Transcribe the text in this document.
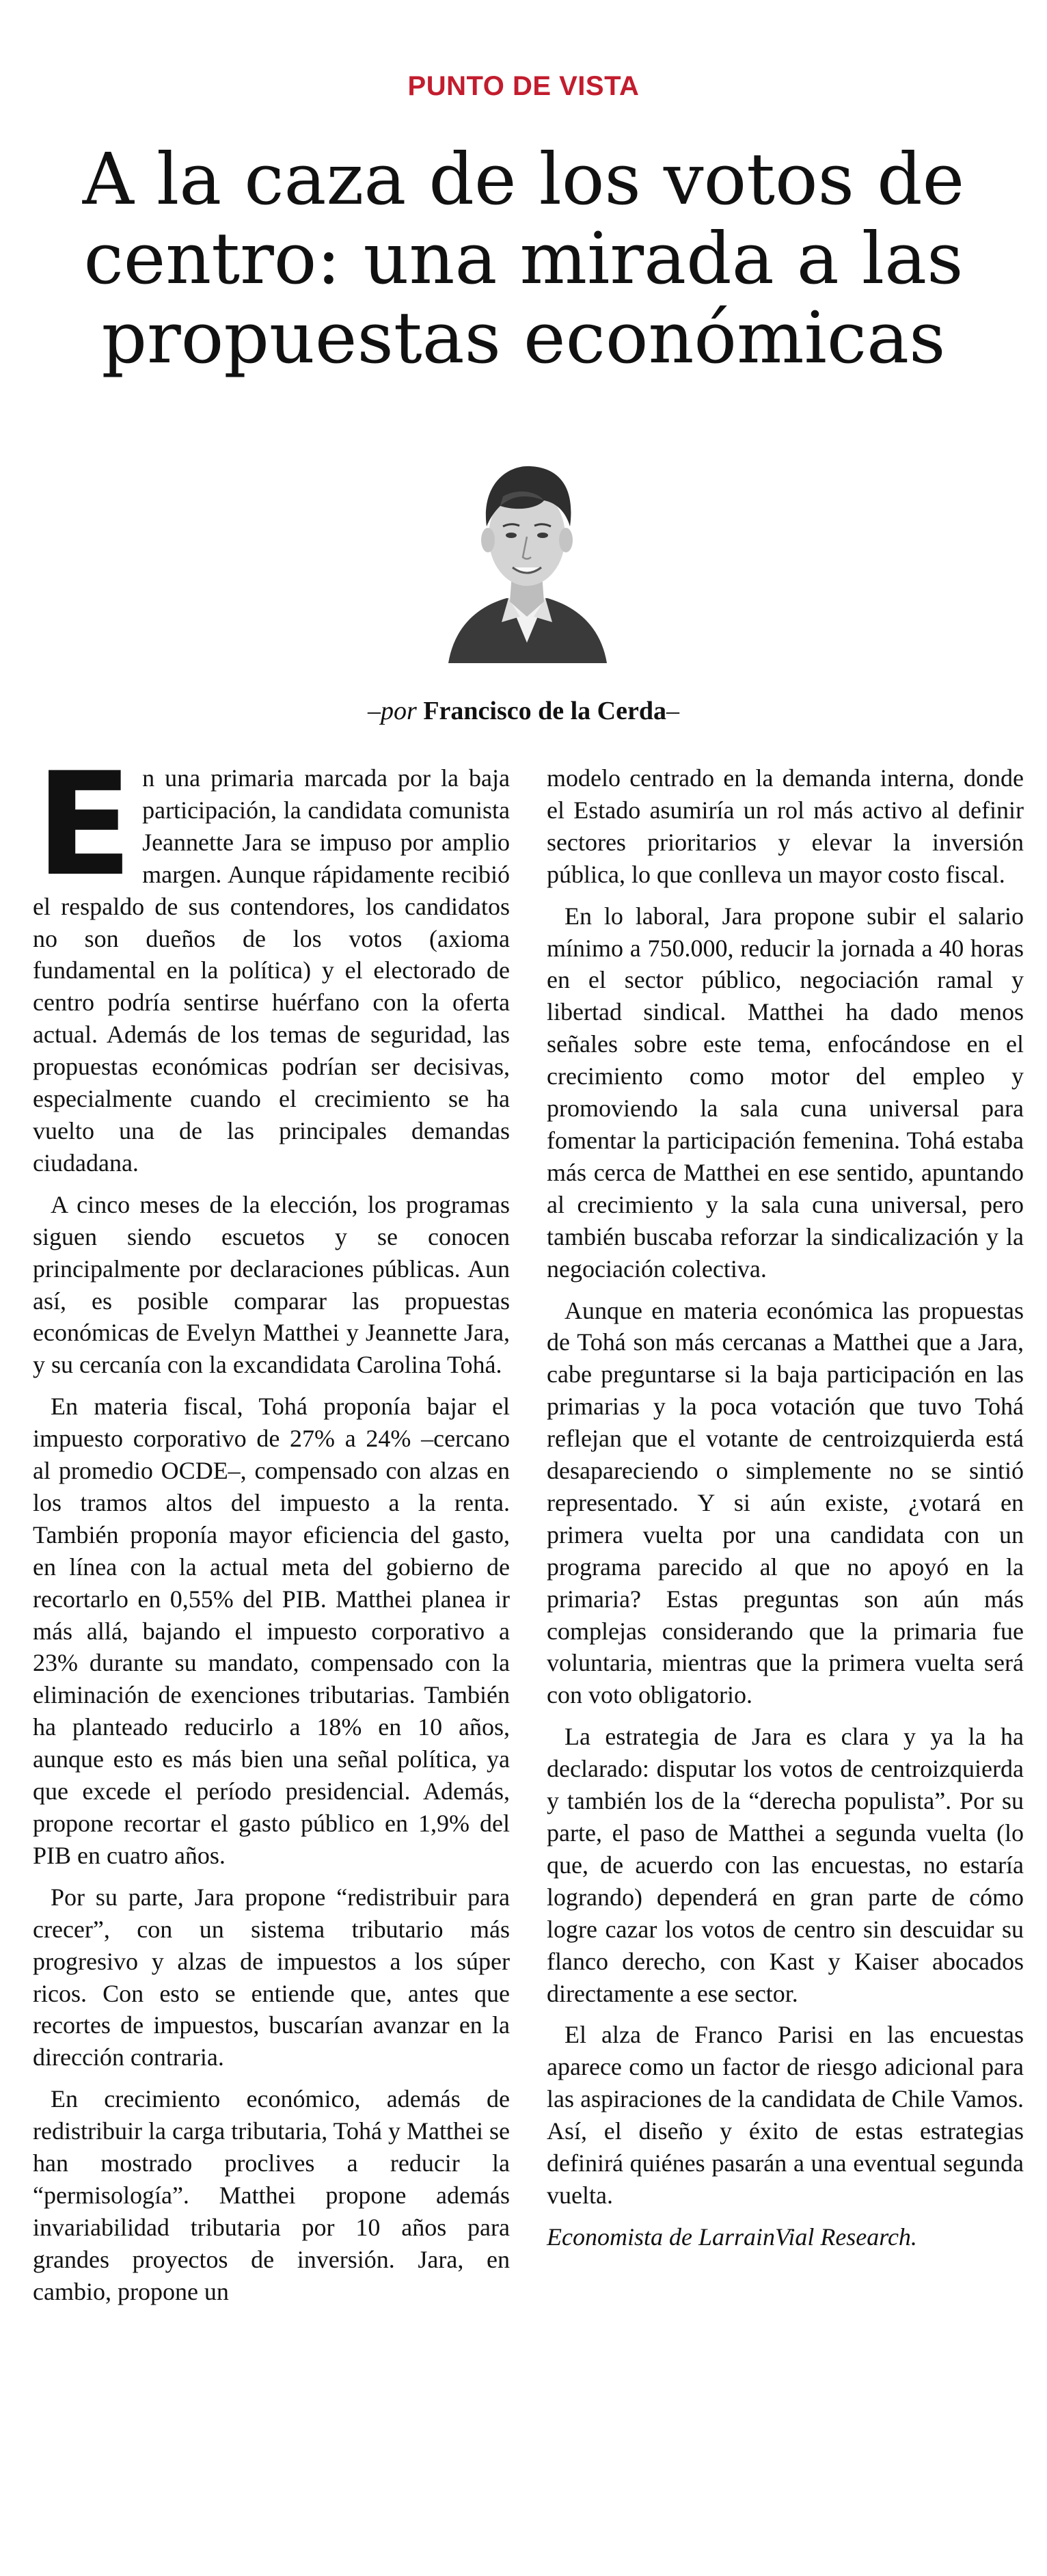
PUNTO DE VISTA
A la caza de los votos de centro: una mirada a las propuestas económicas
–por Francisco de la Cerda–

En una primaria marcada por la baja participación, la candidata comunista Jeannette Jara se impuso por amplio margen. Aunque rápidamente recibió el respaldo de sus contendores, los candidatos no son dueños de los votos (axioma fundamental en la política) y el electorado de centro podría sentirse huérfano con la oferta actual. Además de los temas de seguridad, las propuestas económicas podrían ser decisivas, especialmente cuando el crecimiento se ha vuelto una de las principales demandas ciudadana.

A cinco meses de la elección, los programas siguen siendo escuetos y se conocen principalmente por declaraciones públicas. Aun así, es posible comparar las propuestas económicas de Evelyn Matthei y Jeannette Jara, y su cercanía con la excandidata Carolina Tohá.

En materia fiscal, Tohá proponía bajar el impuesto corporativo de 27% a 24% –cercano al promedio OCDE–, compensado con alzas en los tramos altos del impuesto a la renta. También proponía mayor eficiencia del gasto, en línea con la actual meta del gobierno de recortarlo en 0,55% del PIB. Matthei planea ir más allá, bajando el impuesto corporativo a 23% durante su mandato, compensado con la eliminación de exenciones tributarias. También ha planteado reducirlo a 18% en 10 años, aunque esto es más bien una señal política, ya que excede el período presidencial. Además, propone recortar el gasto público en 1,9% del PIB en cuatro años.

Por su parte, Jara propone “redistribuir para crecer”, con un sistema tributario más progresivo y alzas de impuestos a los súper ricos. Con esto se entiende que, antes que recortes de impuestos, buscarían avanzar en la dirección contraria.

En crecimiento económico, además de redistribuir la carga tributaria, Tohá y Matthei se han mostrado proclives a reducir la “permisología”. Matthei propone además invariabilidad tributaria por 10 años para grandes proyectos de inversión. Jara, en cambio, propone un

modelo centrado en la demanda interna, donde el Estado asumiría un rol más activo al definir sectores prioritarios y elevar la inversión pública, lo que conlleva un mayor costo fiscal.

En lo laboral, Jara propone subir el salario mínimo a 750.000, reducir la jornada a 40 horas en el sector público, negociación ramal y libertad sindical. Matthei ha dado menos señales sobre este tema, enfocándose en el crecimiento como motor del empleo y promoviendo la sala cuna universal para fomentar la participación femenina. Tohá estaba más cerca de Matthei en ese sentido, apuntando al crecimiento y la sala cuna universal, pero también buscaba reforzar la sindicalización y la negociación colectiva.

Aunque en materia económica las propuestas de Tohá son más cercanas a Matthei que a Jara, cabe preguntarse si la baja participación en las primarias y la poca votación que tuvo Tohá reflejan que el votante de centroizquierda está desapareciendo o simplemente no se sintió representado. Y si aún existe, ¿votará en primera vuelta por una candidata con un programa parecido al que no apoyó en la primaria? Estas preguntas son aún más complejas considerando que la primaria fue voluntaria, mientras que la primera vuelta será con voto obligatorio.

La estrategia de Jara es clara y ya la ha declarado: disputar los votos de centroizquierda y también los de la “derecha populista”. Por su parte, el paso de Matthei a segunda vuelta (lo que, de acuerdo con las encuestas, no estaría logrando) dependerá en gran parte de cómo logre cazar los votos de centro sin descuidar su flanco derecho, con Kast y Kaiser abocados directamente a ese sector.

El alza de Franco Parisi en las encuestas aparece como un factor de riesgo adicional para las aspiraciones de la candidata de Chile Vamos. Así, el diseño y éxito de estas estrategias definirá quiénes pasarán a una eventual segunda vuelta.

Economista de LarrainVial Research.
